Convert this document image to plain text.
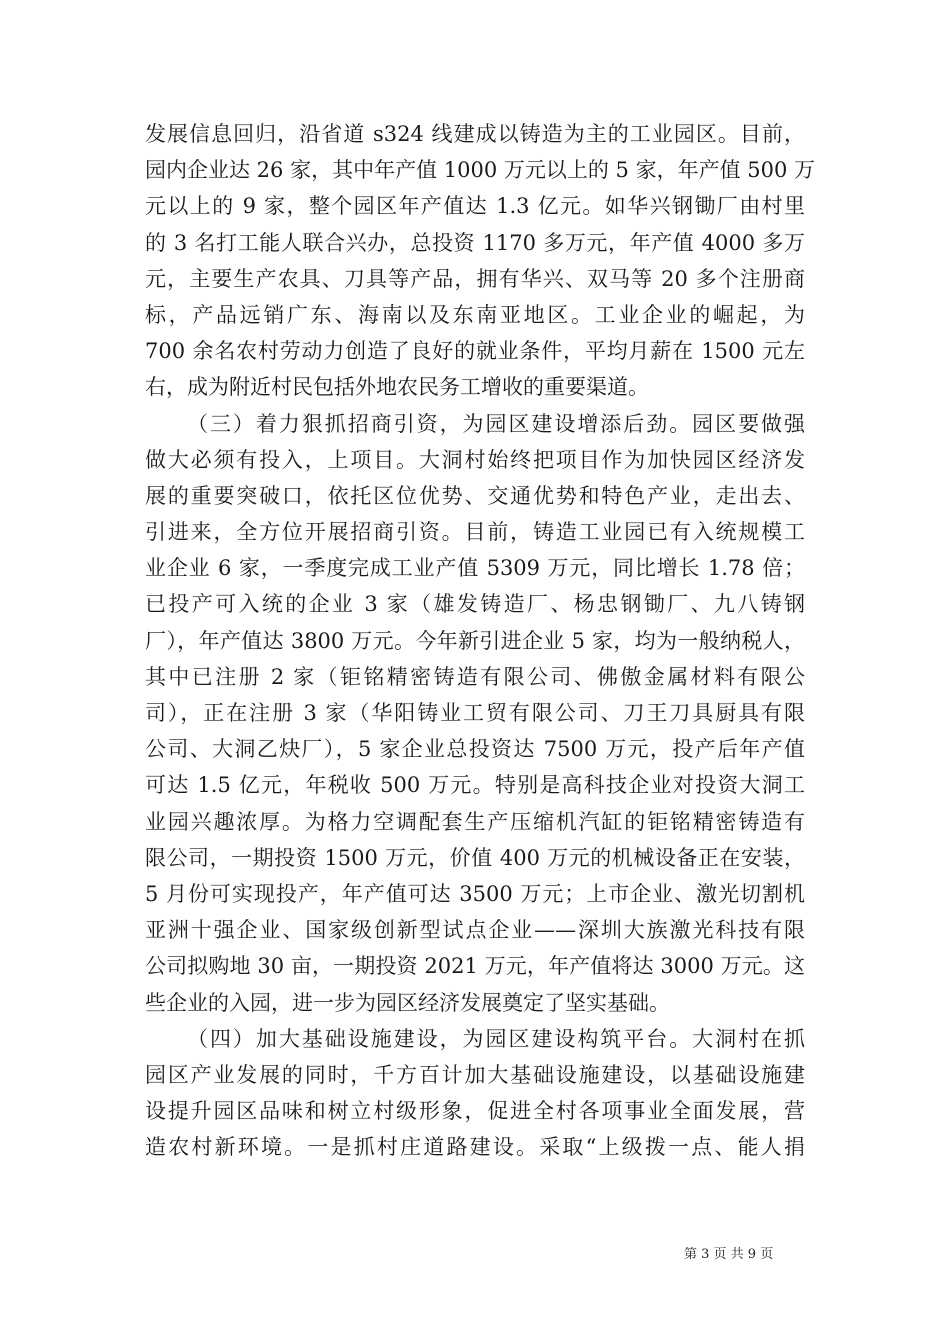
发展信息回归，沿省道 s324 线建成以铸造为主的工业园区。目前，
园内企业达 26 家，其中年产值 1000 万元以上的 5 家，年产值 500 万
元以上的 9 家，整个园区年产值达 1.3 亿元。如华兴钢锄厂由村里
的 3 名打工能人联合兴办，总投资 1170 多万元，年产值 4000 多万
元，主要生产农具、刀具等产品，拥有华兴、双马等 20 多个注册商
标，产品远销广东、海南以及东南亚地区。工业企业的崛起，为
700 余名农村劳动力创造了良好的就业条件，平均月薪在 1500 元左
右，成为附近村民包括外地农民务工增收的重要渠道。
（三）着力狠抓招商引资，为园区建设增添后劲。园区要做强
做大必须有投入，上项目。大洞村始终把项目作为加快园区经济发
展的重要突破口，依托区位优势、交通优势和特色产业，走出去、
引进来，全方位开展招商引资。目前，铸造工业园已有入统规模工
业企业 6 家，一季度完成工业产值 5309 万元，同比增长 1.78 倍；
已投产可入统的企业 3 家（雄发铸造厂、杨忠钢锄厂、九八铸钢
厂），年产值达 3800 万元。今年新引进企业 5 家，均为一般纳税人，
其中已注册 2 家（钜铭精密铸造有限公司、佛傲金属材料有限公
司），正在注册 3 家（华阳铸业工贸有限公司、刀王刀具厨具有限
公司、大洞乙炔厂），5 家企业总投资达 7500 万元，投产后年产值
可达 1.5 亿元，年税收 500 万元。特别是高科技企业对投资大洞工
业园兴趣浓厚。为格力空调配套生产压缩机汽缸的钜铭精密铸造有
限公司，一期投资 1500 万元，价值 400 万元的机械设备正在安装，
5 月份可实现投产，年产值可达 3500 万元；上市企业、激光切割机
亚洲十强企业、国家级创新型试点企业——深圳大族激光科技有限
公司拟购地 30 亩，一期投资 2021 万元，年产值将达 3000 万元。这
些企业的入园，进一步为园区经济发展奠定了坚实基础。
（四）加大基础设施建设，为园区建设构筑平台。大洞村在抓
园区产业发展的同时，千方百计加大基础设施建设，以基础设施建
设提升园区品味和树立村级形象，促进全村各项事业全面发展，营
造农村新环境。一是抓村庄道路建设。采取“上级拨一点、能人捐
第 3 页 共 9 页
